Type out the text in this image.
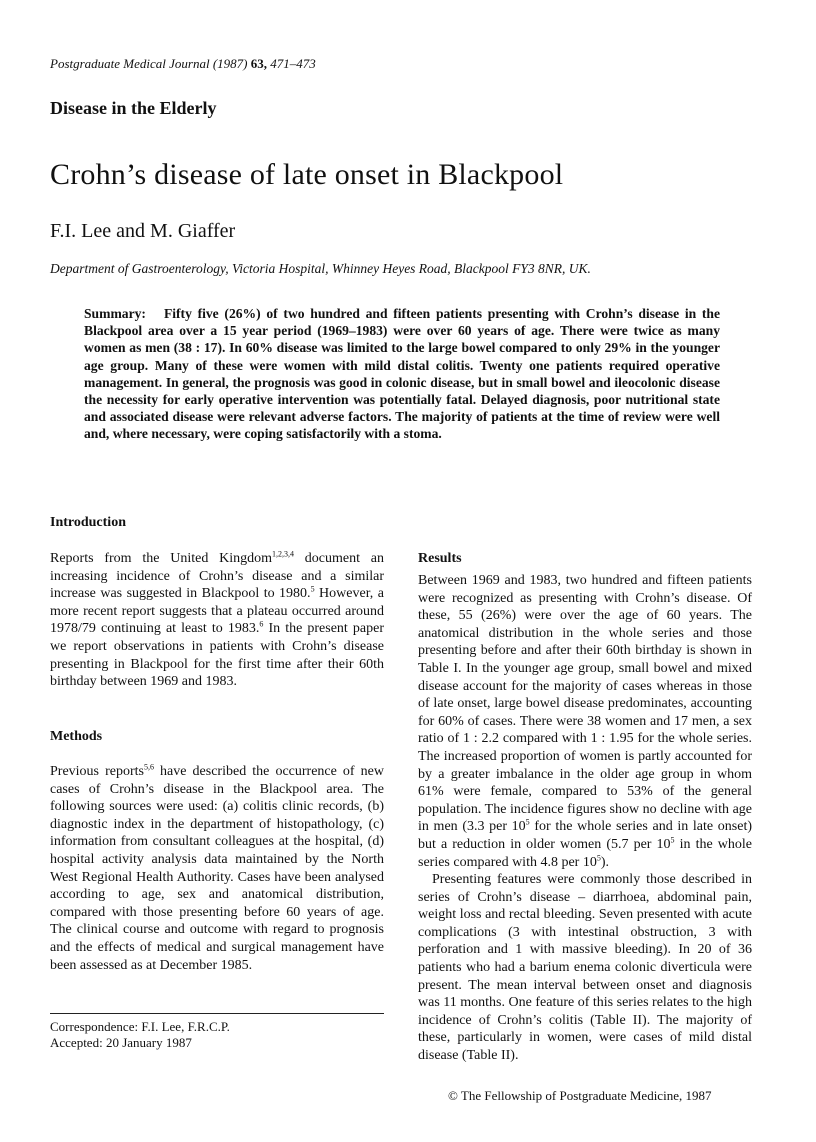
Postgraduate Medical Journal (1987) 63, 471–473
Disease in the Elderly
Crohn’s disease of late onset in Blackpool
F.I. Lee and M. Giaffer
Department of Gastroenterology, Victoria Hospital, Whinney Heyes Road, Blackpool FY3 8NR, UK.

Summary: Fifty five (26%) of two hundred and fifteen patients presenting with Crohn’s disease in the Blackpool area over a 15 year period (1969–1983) were over 60 years of age. There were twice as many women as men (38 : 17). In 60% disease was limited to the large bowel compared to only 29% in the younger age group. Many of these were women with mild distal colitis. Twenty one patients required operative management. In general, the prognosis was good in colonic disease, but in small bowel and ileocolonic disease the necessity for early operative intervention was potentially fatal. Delayed diagnosis, poor nutritional state and associated disease were relevant adverse factors. The majority of patients at the time of review were well and, where necessary, were coping satisfactorily with a stoma.

Introduction

Reports from the United Kingdom$^{1,2,3,4}$ document an increasing incidence of Crohn’s disease and a similar increase was suggested in Blackpool to 1980.$^5$ However, a more recent report suggests that a plateau occurred around 1978/79 continuing at least to 1983.$^6$ In the present paper we report observations in patients with Crohn’s disease presenting in Blackpool for the first time after their 60th birthday between 1969 and 1983.

Methods

Previous reports$^{5,6}$ have described the occurrence of new cases of Crohn’s disease in the Blackpool area. The following sources were used: (a) colitis clinic records, (b) diagnostic index in the department of histopathology, (c) information from consultant colleagues at the hospital, (d) hospital activity analysis data maintained by the North West Regional Health Authority. Cases have been analysed according to age, sex and anatomical distribution, compared with those presenting before 60 years of age. The clinical course and outcome with regard to prognosis and the effects of medical and surgical management have been assessed as at December 1985.

Correspondence: F.I. Lee, F.R.C.P.
Accepted: 20 January 1987
Results

Between 1969 and 1983, two hundred and fifteen patients were recognized as presenting with Crohn’s disease. Of these, 55 (26%) were over the age of 60 years. The anatomical distribution in the whole series and those presenting before and after their 60th birthday is shown in Table I. In the younger age group, small bowel and mixed disease account for the majority of cases whereas in those of late onset, large bowel disease predominates, accounting for 60% of cases. There were 38 women and 17 men, a sex ratio of 1 : 2.2 compared with 1 : 1.95 for the whole series. The increased proportion of women is partly accounted for by a greater imbalance in the older age group in whom 61% were female, compared to 53% of the general population. The incidence figures show no decline with age in men (3.3 per $10^5$ for the whole series and in late onset) but a reduction in older women (5.7 per $10^5$ in the whole series compared with 4.8 per $10^5$).

Presenting features were commonly those described in series of Crohn’s disease – diarrhoea, abdominal pain, weight loss and rectal bleeding. Seven presented with acute complications (3 with intestinal obstruction, 3 with perforation and 1 with massive bleeding). In 20 of 36 patients who had a barium enema colonic diverticula were present. The mean interval between onset and diagnosis was 11 months. One feature of this series relates to the high incidence of Crohn’s colitis (Table II). The majority of these, particularly in women, were cases of mild distal disease (Table II).

© The Fellowship of Postgraduate Medicine, 1987
